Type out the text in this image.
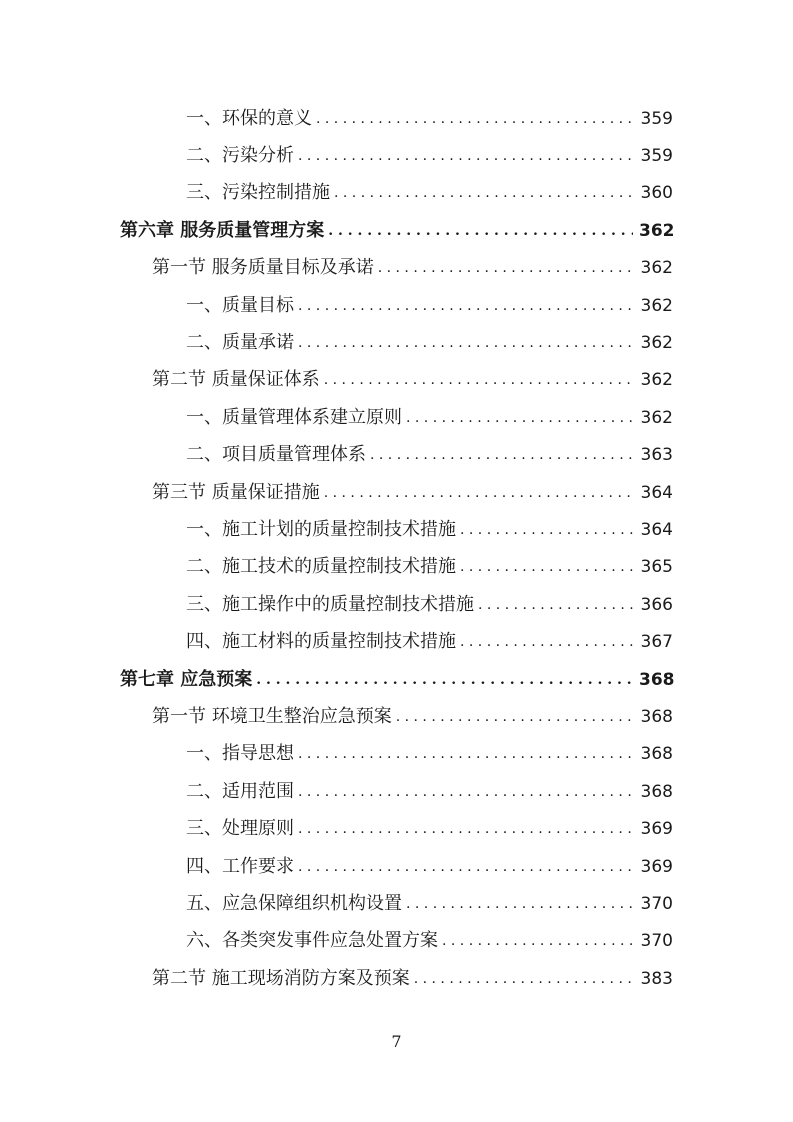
一、环保的意义 . . .	359
二、污染分析 . . .	359
三、污染控制措施 . . .	360
第六章 服务质量管理方案 . . .	362
第一节 服务质量目标及承诺 . . .	362
一、质量目标 . . .	362
二、质量承诺 . . .	362
第二节 质量保证体系 . . .	362
一、质量管理体系建立原则 . . .	362
二、项目质量管理体系 . . .	363
第三节 质量保证措施 . . .	364
一、施工计划的质量控制技术措施 . . .	364
二、施工技术的质量控制技术措施 . . .	365
三、施工操作中的质量控制技术措施 . . .	366
四、施工材料的质量控制技术措施 . . .	367
第七章 应急预案 . . .	368
第一节 环境卫生整治应急预案 . . .	368
一、指导思想 . . .	368
二、适用范围 . . .	368
三、处理原则 . . .	369
四、工作要求 . . .	369
五、应急保障组织机构设置 . . .	370
六、各类突发事件应急处置方案 . . .	370
第二节 施工现场消防方案及预案 . . .	383
7
